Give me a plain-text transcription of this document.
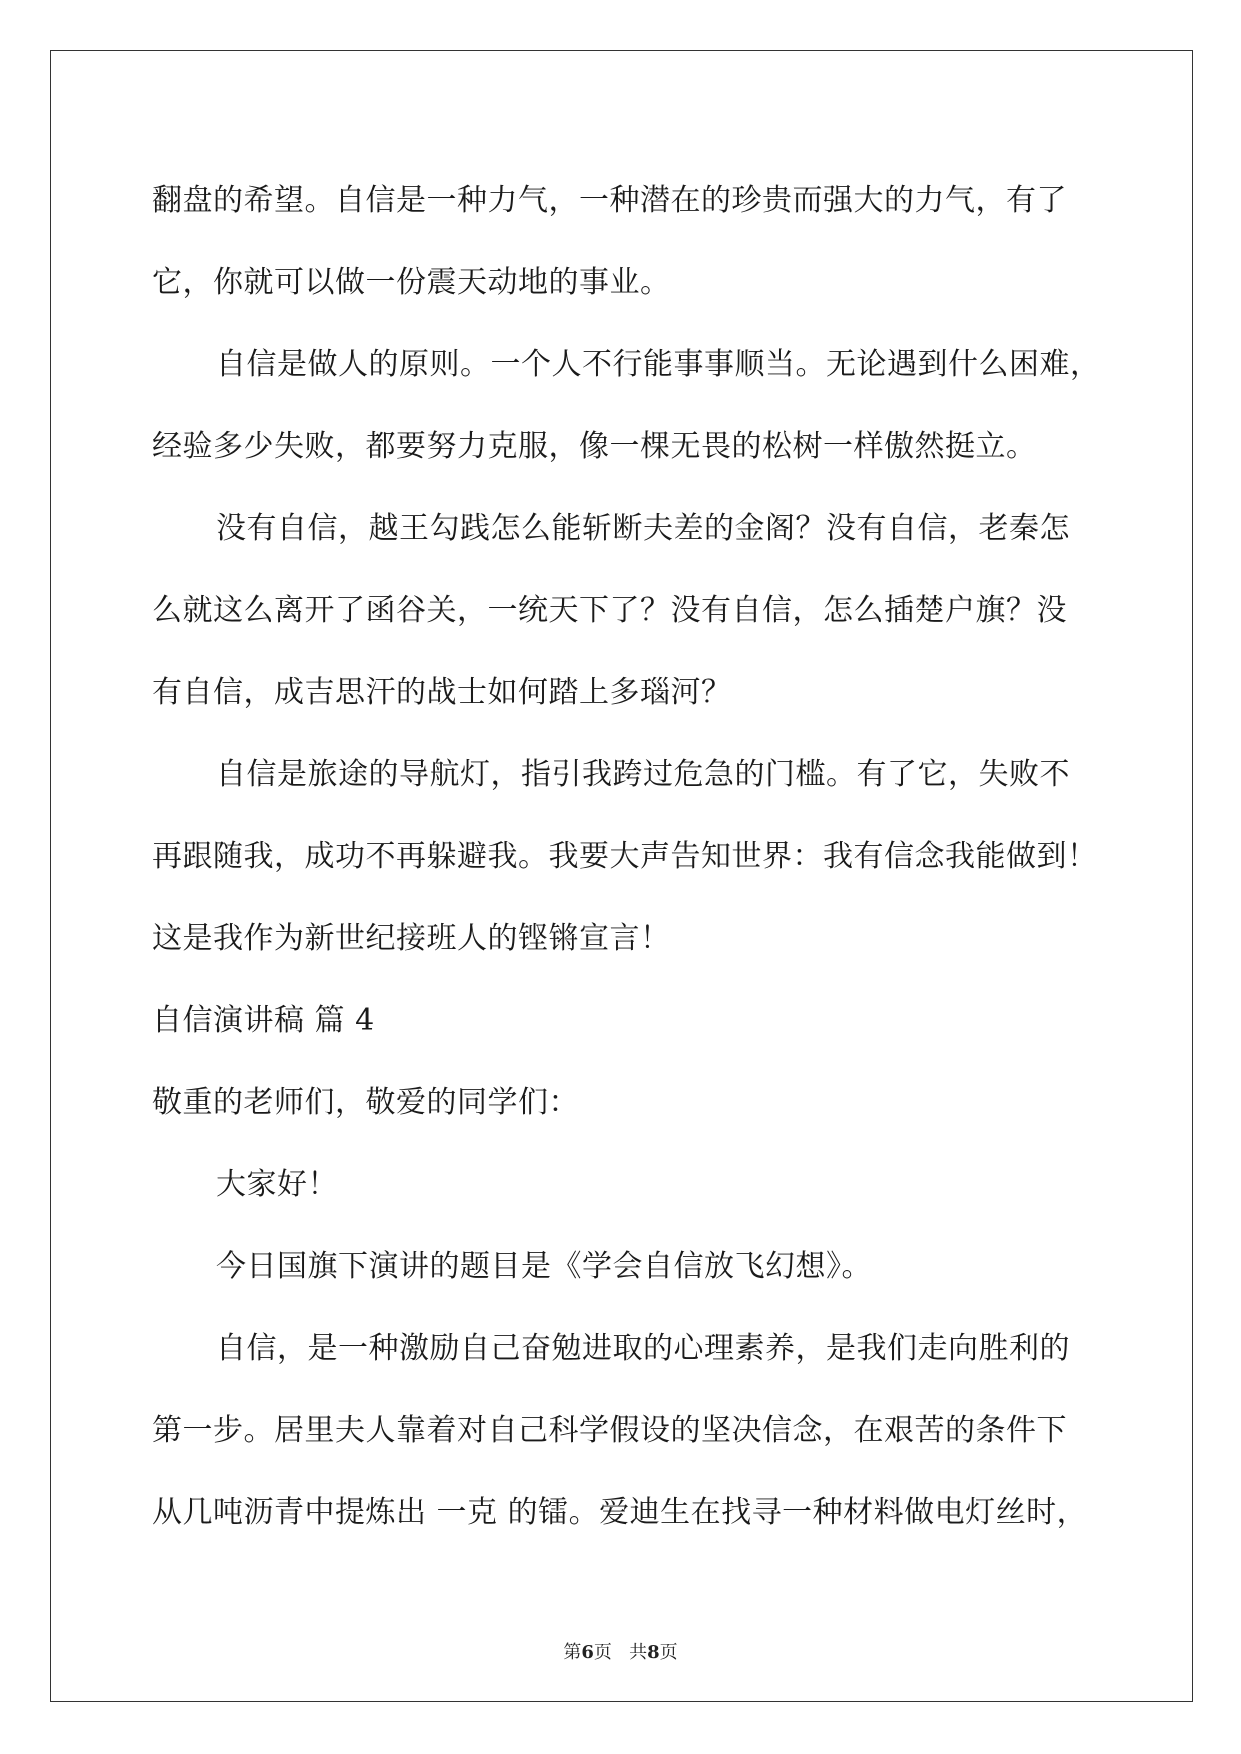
翻盘的希望。自信是一种力气，一种潜在的珍贵而强大的力气，有了
它，你就可以做一份震天动地的事业。
自信是做人的原则。一个人不行能事事顺当。无论遇到什么困难，
经验多少失败，都要努力克服，像一棵无畏的松树一样傲然挺立。
没有自信，越王勾践怎么能斩断夫差的金阁？没有自信，老秦怎
么就这么离开了函谷关，一统天下了？没有自信，怎么插楚户旗？没
有自信，成吉思汗的战士如何踏上多瑙河？
自信是旅途的导航灯，指引我跨过危急的门槛。有了它，失败不
再跟随我，成功不再躲避我。我要大声告知世界：我有信念我能做到！
这是我作为新世纪接班人的铿锵宣言！
自信演讲稿 篇 4
敬重的老师们，敬爱的同学们：
大家好！
今日国旗下演讲的题目是《学会自信放飞幻想》。
自信，是一种激励自己奋勉进取的心理素养，是我们走向胜利的
第一步。居里夫人靠着对自己科学假设的坚决信念，在艰苦的条件下
从几吨沥青中提炼出 一克 的镭。爱迪生在找寻一种材料做电灯丝时，
第6页 共8页
